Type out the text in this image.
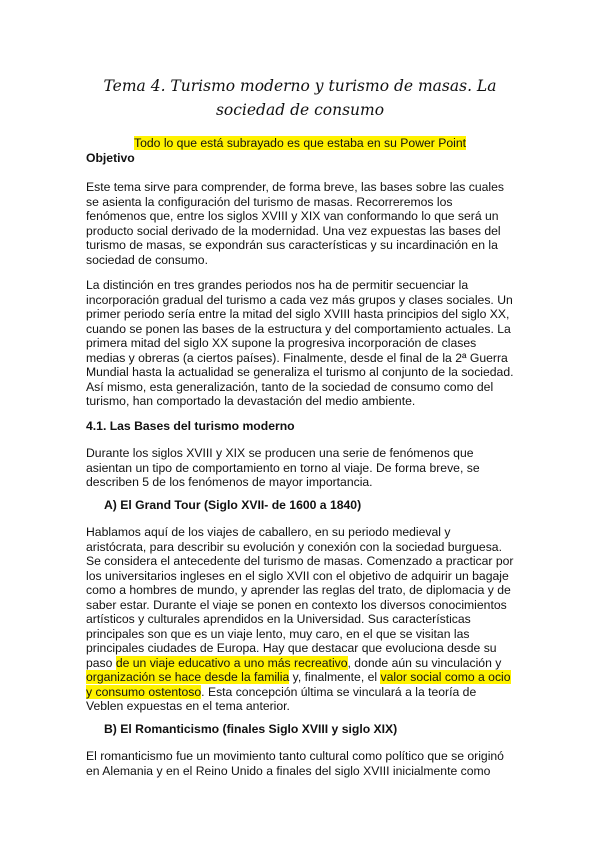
Tema 4. Turismo moderno y turismo de masas. La sociedad de consumo
Todo lo que está subrayado es que estaba en su Power Point
Objetivo

Este tema sirve para comprender, de forma breve, las bases sobre las cuales se asienta la configuración del turismo de masas. Recorreremos los fenómenos que, entre los siglos XVIII y XIX van conformando lo que será un producto social derivado de la modernidad. Una vez expuestas las bases del turismo de masas, se expondrán sus características y su incardinación en la sociedad de consumo.

La distinción en tres grandes periodos nos ha de permitir secuenciar la incorporación gradual del turismo a cada vez más grupos y clases sociales. Un primer periodo sería entre la mitad del siglo XVIII hasta principios del siglo XX, cuando se ponen las bases de la estructura y del comportamiento actuales. La primera mitad del siglo XX supone la progresiva incorporación de clases medias y obreras (a ciertos países). Finalmente, desde el final de la 2ª Guerra Mundial hasta la actualidad se generaliza el turismo al conjunto de la sociedad. Así mismo, esta generalización, tanto de la sociedad de consumo como del turismo, han comportado la devastación del medio ambiente.

4.1. Las Bases del turismo moderno

Durante los siglos XVIII y XIX se producen una serie de fenómenos que asientan un tipo de comportamiento en torno al viaje. De forma breve, se describen 5 de los fenómenos de mayor importancia.

A) El Grand Tour (Siglo XVII- de 1600 a 1840)

Hablamos aquí de los viajes de caballero, en su periodo medieval y aristócrata, para describir su evolución y conexión con la sociedad burguesa. Se considera el antecedente del turismo de masas. Comenzado a practicar por los universitarios ingleses en el siglo XVII con el objetivo de adquirir un bagaje como a hombres de mundo, y aprender las reglas del trato, de diplomacia y de saber estar. Durante el viaje se ponen en contexto los diversos conocimientos artísticos y culturales aprendidos en la Universidad. Sus características principales son que es un viaje lento, muy caro, en el que se visitan las principales ciudades de Europa. Hay que destacar que evoluciona desde su paso de un viaje educativo a uno más recreativo, donde aún su vinculación y organización se hace desde la familia y, finalmente, el valor social como a ocio y consumo ostentoso. Esta concepción última se vinculará a la teoría de Veblen expuestas en el tema anterior.

B) El Romanticismo (finales Siglo XVIII y siglo XIX)

El romanticismo fue un movimiento tanto cultural como político que se originó en Alemania y en el Reino Unido a finales del siglo XVIII inicialmente como
